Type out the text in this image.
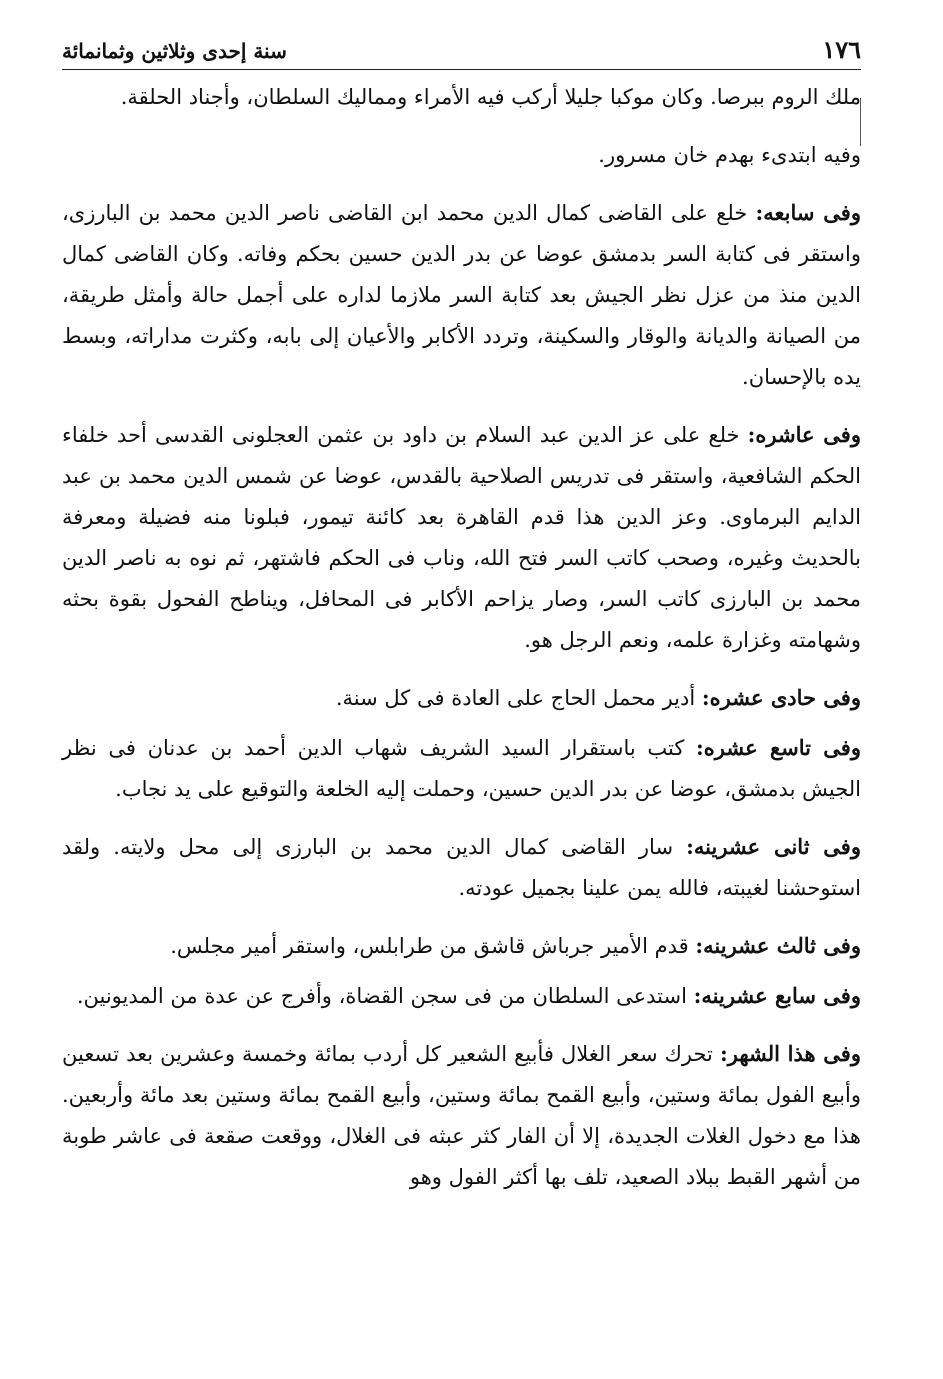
١٧٦
سنة إحدى وثلاثين وثمانمائة

ملك الروم ببرصا. وكان موكبا جليلا أركب فيه الأمراء ومماليك السلطان، وأجناد الحلقة.

وفيه ابتدىء بهدم خان مسرور.

وفى سابعه: خلع على القاضى كمال الدين محمد ابن القاضى ناصر الدين محمد بن البارزى، واستقر فى كتابة السر بدمشق عوضا عن بدر الدين حسين بحكم وفاته. وكان القاضى كمال الدين منذ من عزل نظر الجيش بعد كتابة السر ملازما لداره على أجمل حالة وأمثل طريقة، من الصيانة والديانة والوقار والسكينة، وتردد الأكابر والأعيان إلى بابه، وكثرت مداراته، وبسط يده بالإحسان.

وفى عاشره: خلع على عز الدين عبد السلام بن داود بن عثمن العجلونى القدسى أحد خلفاء الحكم الشافعية، واستقر فى تدريس الصلاحية بالقدس، عوضا عن شمس الدين محمد بن عبد الدايم البرماوى. وعز الدين هذا قدم القاهرة بعد كائنة تيمور، فبلونا منه فضيلة ومعرفة بالحديث وغيره، وصحب كاتب السر فتح الله، وناب فى الحكم فاشتهر، ثم نوه به ناصر الدين محمد بن البارزى كاتب السر، وصار يزاحم الأكابر فى المحافل، ويناطح الفحول بقوة بحثه وشهامته وغزارة علمه، ونعم الرجل هو.

وفى حادى عشره: أدير محمل الحاج على العادة فى كل سنة.

وفى تاسع عشره: كتب باستقرار السيد الشريف شهاب الدين أحمد بن عدنان فى نظر الجيش بدمشق، عوضا عن بدر الدين حسين، وحملت إليه الخلعة والتوقيع على يد نجاب.

وفى ثانى عشرينه: سار القاضى كمال الدين محمد بن البارزى إلى محل ولايته. ولقد استوحشنا لغيبته، فالله يمن علينا بجميل عودته.

وفى ثالث عشرينه: قدم الأمير جرباش قاشق من طرابلس، واستقر أمير مجلس.

وفى سابع عشرينه: استدعى السلطان من فى سجن القضاة، وأفرج عن عدة من المديونين.

وفى هذا الشهر: تحرك سعر الغلال فأبيع الشعير كل أردب بمائة وخمسة وعشرين بعد تسعين وأبيع الفول بمائة وستين، وأبيع القمح بمائة وستين، وأبيع القمح بمائة وستين بعد مائة وأربعين. هذا مع دخول الغلات الجديدة، إلا أن الفار كثر عبثه فى الغلال، ووقعت صقعة فى عاشر طوبة من أشهر القبط ببلاد الصعيد، تلف بها أكثر الفول وهو
